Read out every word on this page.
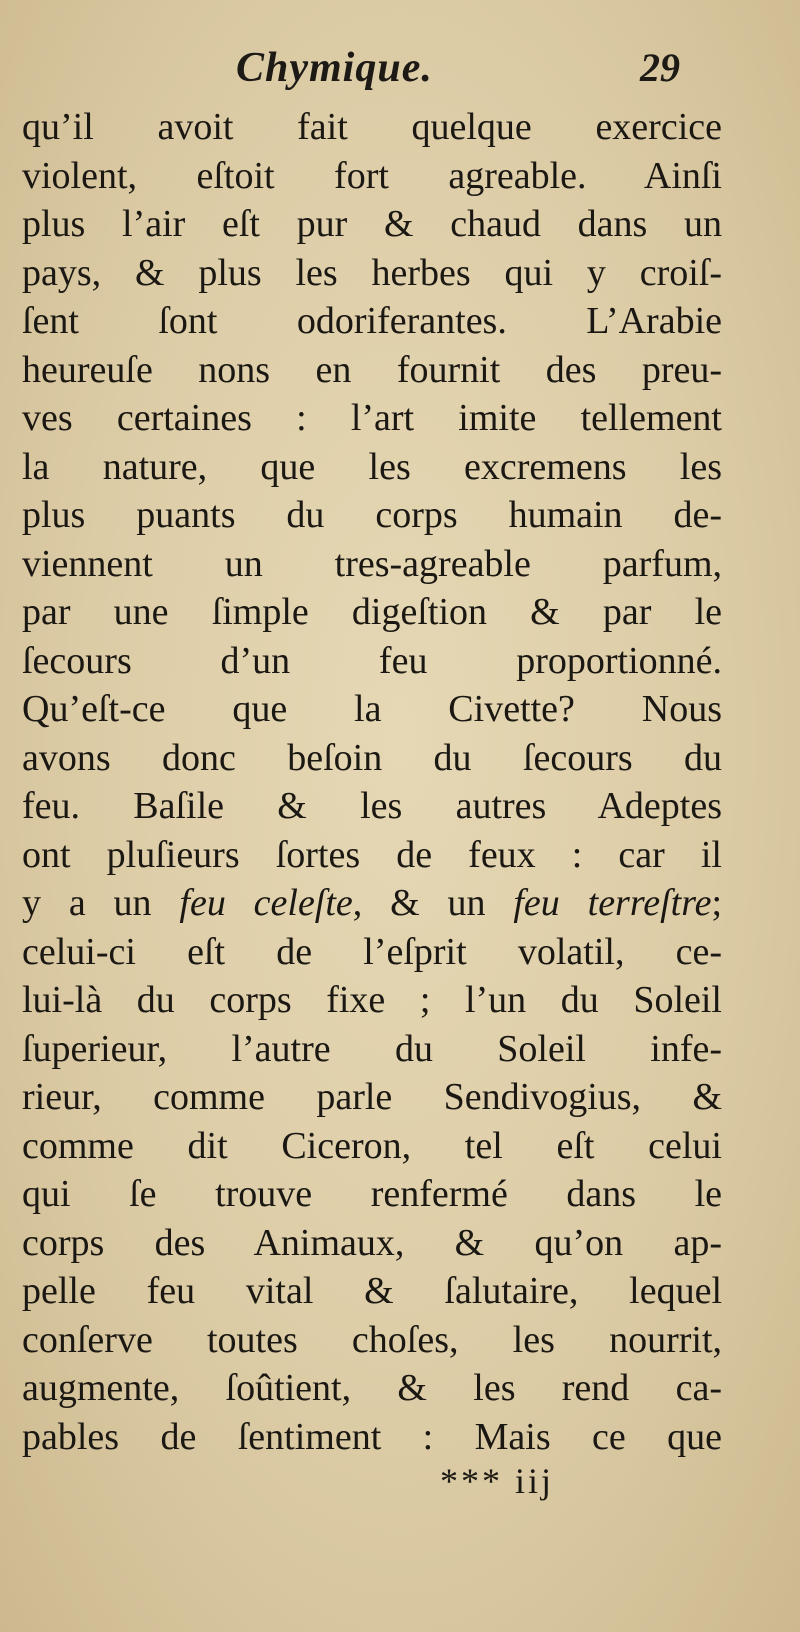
Chymique.	29
qu’il avoit fait quelque exercice
violent, eſtoit fort agreable. Ainſi
plus l’air eſt pur & chaud dans un
pays, & plus les herbes qui y croiſ-
ſent ſont odoriferantes. L’Arabie
heureuſe nons en fournit des preu-
ves certaines : l’art imite tellement
la nature, que les excremens les
plus puants du corps humain de-
viennent un tres-agreable parfum,
par une ſimple digeſtion & par le
ſecours d’un feu proportionné.
Qu’eſt-ce que la Civette? Nous
avons donc beſoin du ſecours du
feu. Baſile & les autres Adeptes
ont pluſieurs ſortes de feux : car il
y a un feu celeſte, & un feu terreſtre;
celui-ci eſt de l’eſprit volatil, ce-
lui-là du corps fixe ; l’un du Soleil
ſuperieur, l’autre du Soleil infe-
rieur, comme parle Sendivogius, &
comme dit Ciceron, tel eſt celui
qui ſe trouve renfermé dans le
corps des Animaux, & qu’on ap-
pelle feu vital & ſalutaire, lequel
conſerve toutes choſes, les nourrit,
augmente, ſoûtient, & les rend ca-
pables de ſentiment : Mais ce que
*** iij
